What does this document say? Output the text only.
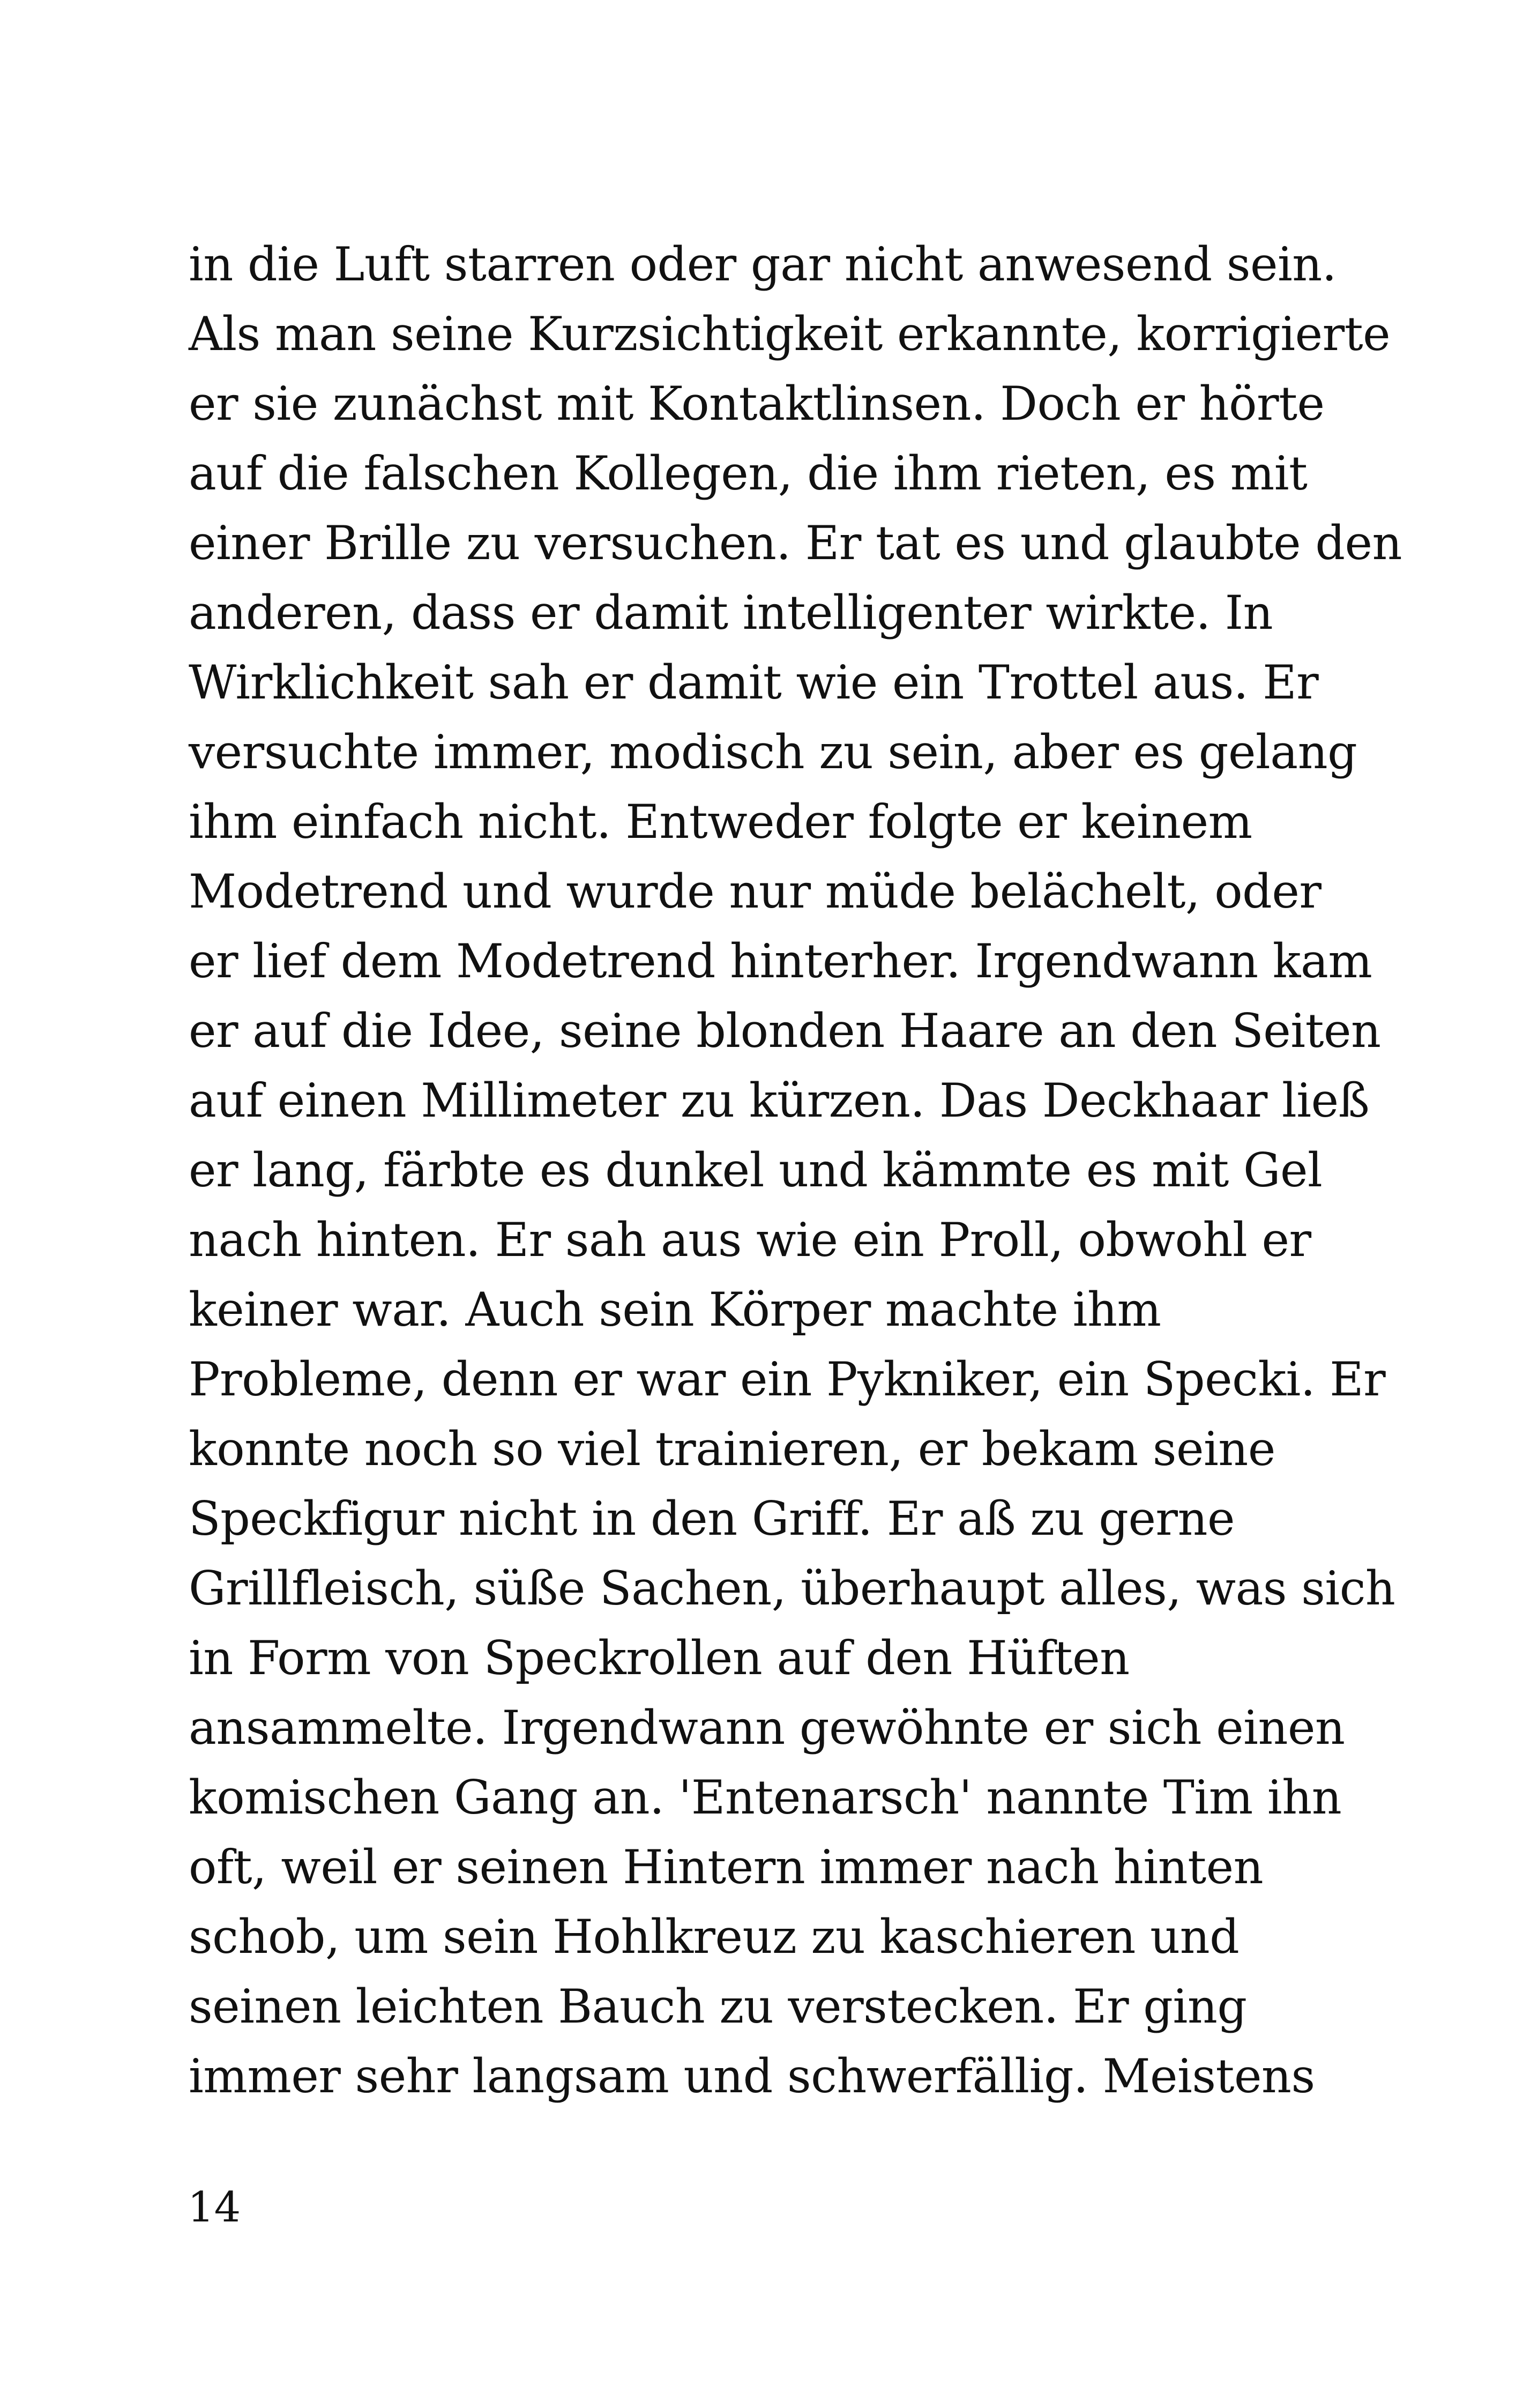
in die Luft starren oder gar nicht anwesend sein.
Als man seine Kurzsichtigkeit erkannte, korrigierte
er sie zunächst mit Kontaktlinsen. Doch er hörte
auf die falschen Kollegen, die ihm rieten, es mit
einer Brille zu versuchen. Er tat es und glaubte den
anderen, dass er damit intelligenter wirkte. In
Wirklichkeit sah er damit wie ein Trottel aus. Er
versuchte immer, modisch zu sein, aber es gelang
ihm einfach nicht. Entweder folgte er keinem
Modetrend und wurde nur müde belächelt, oder
er lief dem Modetrend hinterher. Irgendwann kam
er auf die Idee, seine blonden Haare an den Seiten
auf einen Millimeter zu kürzen. Das Deckhaar ließ
er lang, färbte es dunkel und kämmte es mit Gel
nach hinten. Er sah aus wie ein Proll, obwohl er
keiner war. Auch sein Körper machte ihm
Probleme, denn er war ein Pykniker, ein Specki. Er
konnte noch so viel trainieren, er bekam seine
Speckfigur nicht in den Griff. Er aß zu gerne
Grillfleisch, süße Sachen, überhaupt alles, was sich
in Form von Speckrollen auf den Hüften
ansammelte. Irgendwann gewöhnte er sich einen
komischen Gang an. 'Entenarsch' nannte Tim ihn
oft, weil er seinen Hintern immer nach hinten
schob, um sein Hohlkreuz zu kaschieren und
seinen leichten Bauch zu verstecken. Er ging
immer sehr langsam und schwerfällig. Meistens
14
